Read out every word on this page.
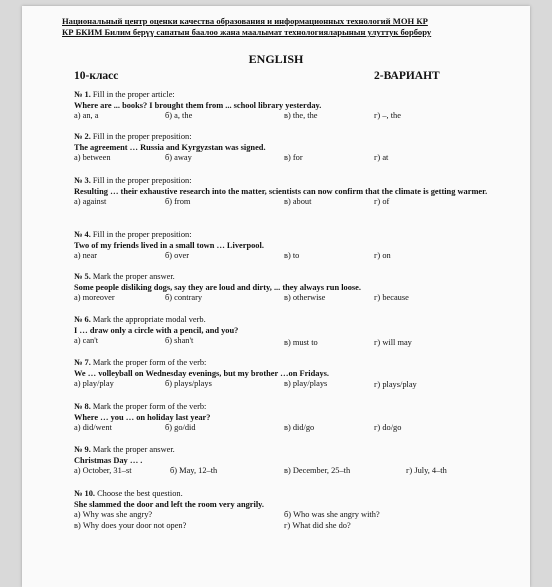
Национальный центр оценки качества образования и информационных технологий МОН КР
КР БКИМ Билим берүү сапатын баалоо жана маалымат технологияларынын улуттук борбору
ENGLISH
10-класс	2-ВАРИАНТ
№ 1. Fill in the proper article:
Where are ... books? I brought them from ... school library yesterday.
а) an, a	б) a, the	в) the, the	г) –, the
№ 2. Fill in the proper preposition:
The agreement … Russia and Kyrgyzstan was signed.
а) between	б) away	в) for	г) at
№ 3. Fill in the proper preposition:
Resulting … their exhaustive research into the matter, scientists can now confirm that the climate is getting warmer.
а) against	б) from	в) about	г) of
№ 4. Fill in the proper preposition:
Two of my friends lived in a small town … Liverpool.
а) near	б) over	в) to	г) on
№ 5. Mark the proper answer.
Some people disliking dogs, say they are loud and dirty, ... they always run loose.
а) moreover	б) contrary	в) otherwise	г) because
№ 6. Mark the appropriate modal verb.
I … draw only a circle with a pencil, and you?
а) can't	б) shan't	в) must to	г) will may
№ 7. Mark the proper form of the verb:
We … volleyball on Wednesday evenings, but my brother …on Fridays.
а) play/play	б) plays/plays	в) play/plays	г) plays/play
№ 8. Mark the proper form of the verb:
Where … you … on holiday last year?
а) did/went	б) go/did	в) did/go	г) do/go
№ 9. Mark the proper answer.
Christmas Day … .
а) October, 31–st	б) May, 12–th	в) December, 25–th	г) July, 4–th
№ 10. Choose the best question.
She slammed the door and left the room very angrily.
а) Why was she angry?	б) Who was she angry with?
в) Why does your door not open?	г) What did she do?
